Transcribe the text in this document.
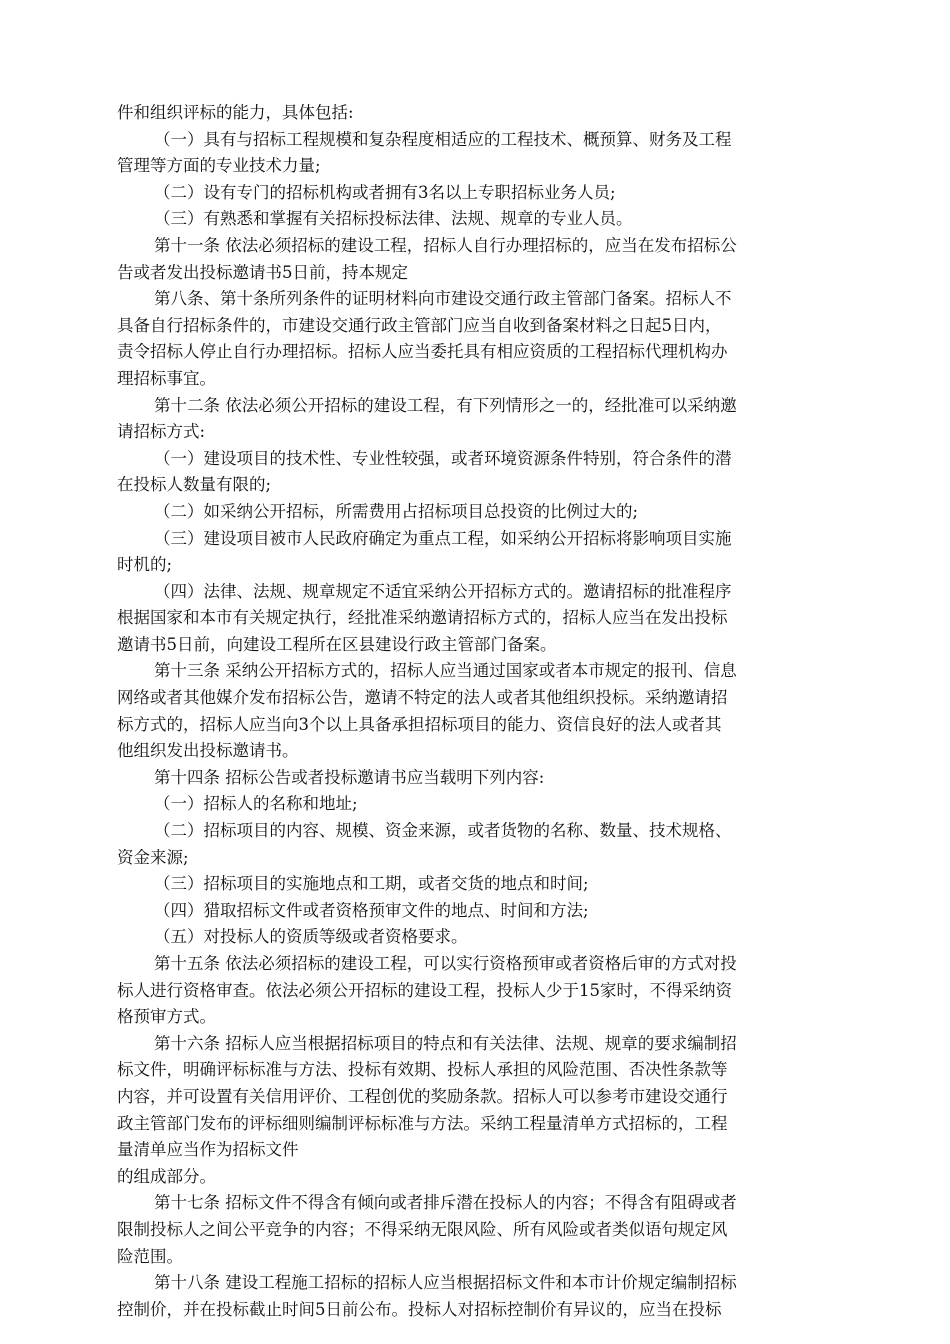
件和组织评标的能力，具体包括:
（一）具有与招标工程规模和复杂程度相适应的工程技术、概预算、财务及工程
管理等方面的专业技术力量;
（二）设有专门的招标机构或者拥有3名以上专职招标业务人员;
（三）有熟悉和掌握有关招标投标法律、法规、规章的专业人员。
第十一条 依法必须招标的建设工程，招标人自行办理招标的，应当在发布招标公
告或者发出投标邀请书5日前，持本规定
第八条、第十条所列条件的证明材料向市建设交通行政主管部门备案。招标人不
具备自行招标条件的，市建设交通行政主管部门应当自收到备案材料之日起5日内，
责令招标人停止自行办理招标。招标人应当委托具有相应资质的工程招标代理机构办
理招标事宜。
第十二条 依法必须公开招标的建设工程，有下列情形之一的，经批准可以采纳邀
请招标方式:
（一）建设项目的技术性、专业性较强，或者环境资源条件特别，符合条件的潜
在投标人数量有限的;
（二）如采纳公开招标，所需费用占招标项目总投资的比例过大的;
（三）建设项目被市人民政府确定为重点工程，如采纳公开招标将影响项目实施
时机的;
（四）法律、法规、规章规定不适宜采纳公开招标方式的。邀请招标的批准程序
根据国家和本市有关规定执行，经批准采纳邀请招标方式的，招标人应当在发出投标
邀请书5日前，向建设工程所在区县建设行政主管部门备案。
第十三条 采纳公开招标方式的，招标人应当通过国家或者本市规定的报刊、信息
网络或者其他媒介发布招标公告，邀请不特定的法人或者其他组织投标。采纳邀请招
标方式的，招标人应当向3个以上具备承担招标项目的能力、资信良好的法人或者其
他组织发出投标邀请书。
第十四条 招标公告或者投标邀请书应当载明下列内容:
（一）招标人的名称和地址;
（二）招标项目的内容、规模、资金来源，或者货物的名称、数量、技术规格、
资金来源;
（三）招标项目的实施地点和工期，或者交货的地点和时间;
（四）猎取招标文件或者资格预审文件的地点、时间和方法;
（五）对投标人的资质等级或者资格要求。
第十五条 依法必须招标的建设工程，可以实行资格预审或者资格后审的方式对投
标人进行资格审查。依法必须公开招标的建设工程，投标人少于15家时，不得采纳资
格预审方式。
第十六条 招标人应当根据招标项目的特点和有关法律、法规、规章的要求编制招
标文件，明确评标标准与方法、投标有效期、投标人承担的风险范围、否决性条款等
内容，并可设置有关信用评价、工程创优的奖励条款。招标人可以参考市建设交通行
政主管部门发布的评标细则编制评标标准与方法。采纳工程量清单方式招标的，工程
量清单应当作为招标文件
的组成部分。
第十七条 招标文件不得含有倾向或者排斥潜在投标人的内容；不得含有阻碍或者
限制投标人之间公平竞争的内容；不得采纳无限风险、所有风险或者类似语句规定风
险范围。
第十八条 建设工程施工招标的招标人应当根据招标文件和本市计价规定编制招标
控制价，并在投标截止时间5日前公布。投标人对招标控制价有异议的，应当在投标
